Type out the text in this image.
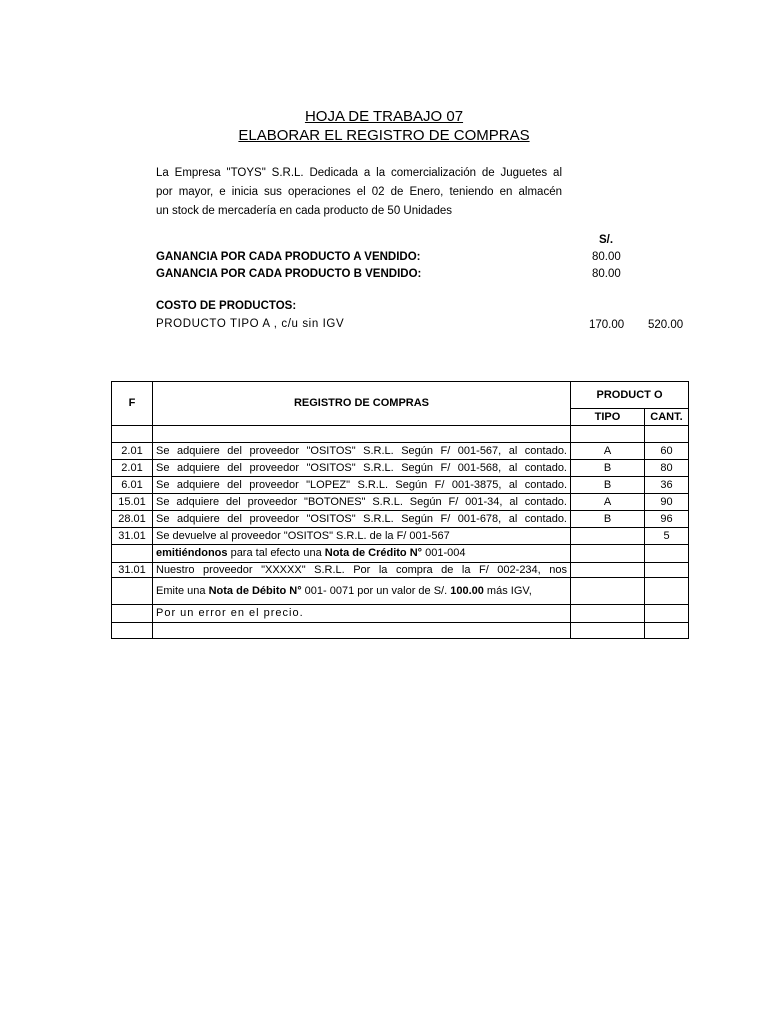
HOJA DE TRABAJO 07
ELABORAR EL REGISTRO DE COMPRAS
La Empresa "TOYS" S.R.L. Dedicada a la comercialización de Juguetes al
por mayor, e inicia sus operaciones el 02 de Enero, teniendo en almacén
un stock de mercadería en cada producto de 50 Unidades
S/.
GANANCIA POR CADA PRODUCTO A VENDIDO:	80.00
GANANCIA POR CADA PRODUCTO B VENDIDO:	80.00
COSTO DE PRODUCTOS:
PRODUCTO TIPO A , c/u sin IGV	170.00 520.00
F	REGISTRO DE COMPRAS	PRODUCT O	
		TIPO	CANT.

2.01	Se adquiere del proveedor "OSITOS" S.R.L. Según F/ 001-567, al contado.	A	60
2.01	Se adquiere del proveedor "OSITOS" S.R.L. Según F/ 001-568, al contado.	B	80
6.01	Se adquiere del proveedor "LOPEZ" S.R.L. Según F/ 001-3875, al contado.	B	36
15.01	Se adquiere del proveedor "BOTONES" S.R.L. Según F/ 001-34, al contado.	A	90
28.01	Se adquiere del proveedor "OSITOS" S.R.L. Según F/ 001-678, al contado.	B	96
31.01	Se devuelve al proveedor "OSITOS" S.R.L. de la F/ 001-567		5
	emitiéndonos para tal efecto una Nota de Crédito N° 001-004		
31.01	Nuestro proveedor "XXXXX" S.R.L. Por la compra de la F/ 002-234, nos		
	Emite una Nota de Débito N° 001- 0071 por un valor de S/. 100.00 más IGV,		
	Por un error en el precio.		
